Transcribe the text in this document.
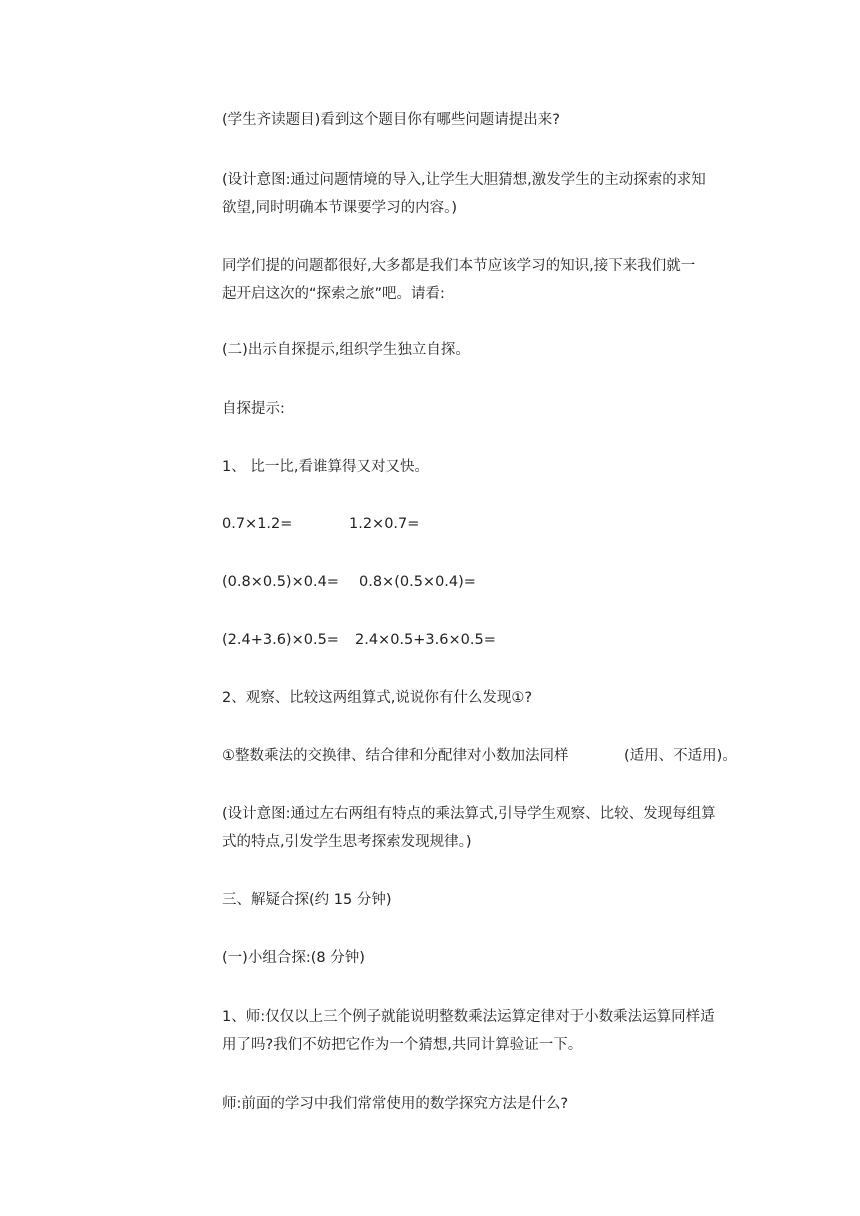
(学生齐读题目)看到这个题目你有哪些问题请提出来?

(设计意图:通过问题情境的导入,让学生大胆猜想,激发学生的主动探索的求知

欲望,同时明确本节课要学习的内容。)

同学们提的问题都很好,大多都是我们本节应该学习的知识,接下来我们就一

起开启这次的“探索之旅”吧。请看:

(二)出示自探提示,组织学生独立自探。

自探提示:

1、 比一比,看谁算得又对又快。

0.7×1.2=	1.2×0.7=
(0.8×0.5)×0.4= 0.8×(0.5×0.4)=
(2.4+3.6)×0.5= 2.4×0.5+3.6×0.5=

2、观察、比较这两组算式,说说你有什么发现①?

①整数乘法的交换律、结合律和分配律对小数加法同样	(适用、不适用)。

(设计意图:通过左右两组有特点的乘法算式,引导学生观察、比较、发现每组算

式的特点,引发学生思考探索发现规律。)

三、解疑合探(约 15 分钟)

(一)小组合探:(8 分钟)

1、师:仅仅以上三个例子就能说明整数乘法运算定律对于小数乘法运算同样适

用了吗?我们不妨把它作为一个猜想,共同计算验证一下。

师:前面的学习中我们常常使用的数学探究方法是什么?
